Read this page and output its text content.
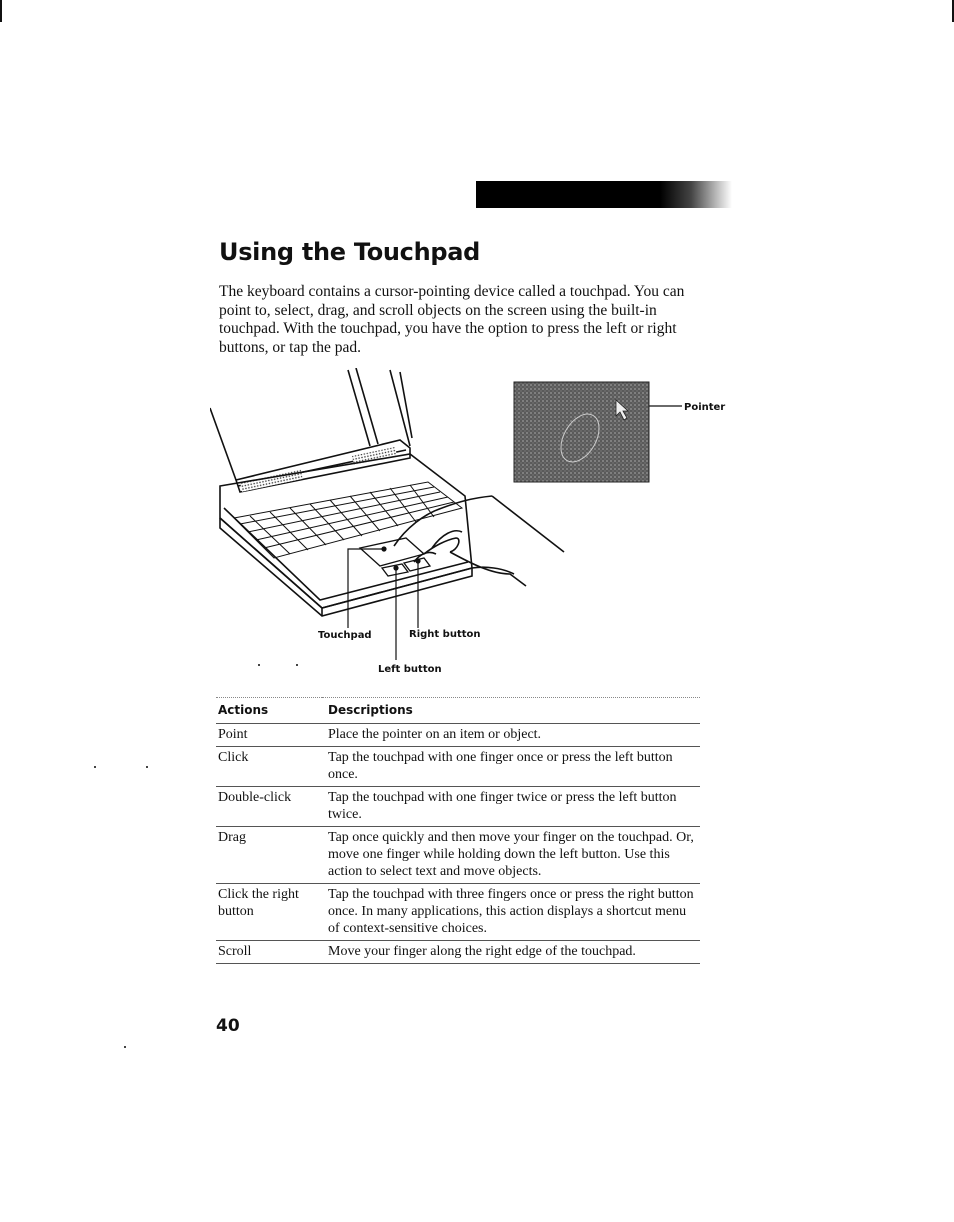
Using the Touchpad

The keyboard contains a cursor-pointing device called a touchpad. You can point to, select, drag, and scroll objects on the screen using the built-in touchpad. With the touchpad, you have the option to press the left or right buttons, or tap the pad.

Pointer
Touchpad	Right button
Left button
Actions	Descriptions
Point	Place the pointer on an item or object.
Click	Tap the touchpad with one finger once or press the left button once.
Double-click	Tap the touchpad with one finger twice or press the left button twice.
Drag	Tap once quickly and then move your finger on the touchpad. Or, move one finger while holding down the left button. Use this action to select text and move objects.
Click the right button	Tap the touchpad with three fingers once or press the right button once. In many applications, this action displays a shortcut menu of context-sensitive choices.
Scroll	Move your finger along the right edge of the touchpad.
40
